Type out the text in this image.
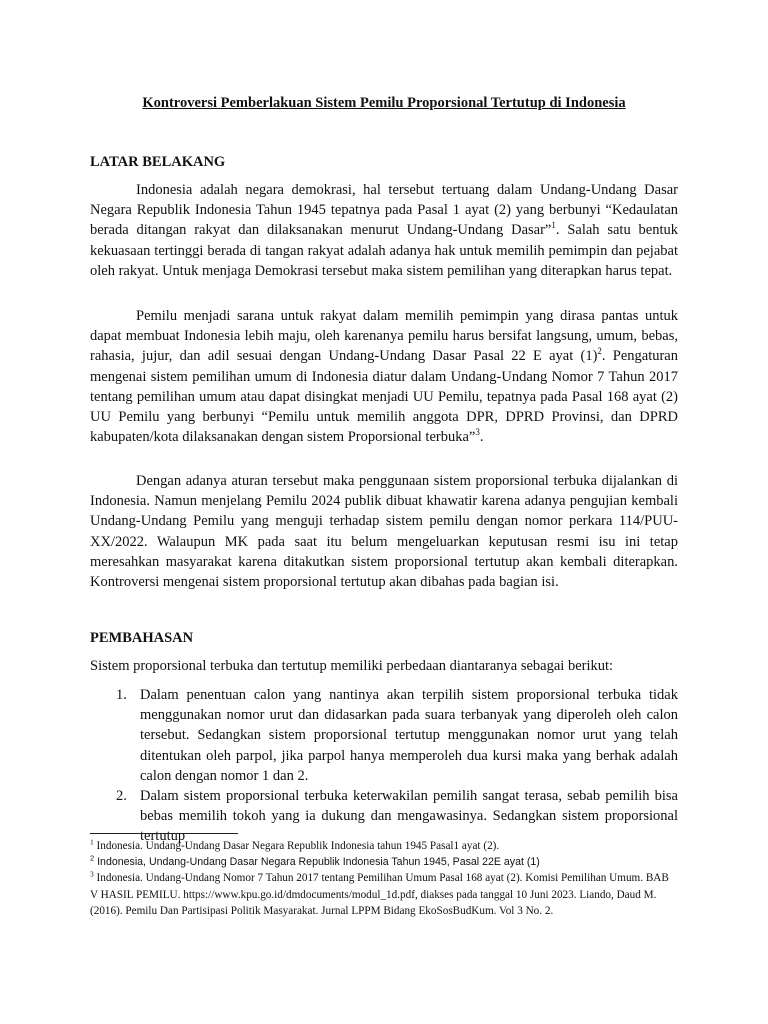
Kontroversi Pemberlakuan Sistem Pemilu Proporsional Tertutup di Indonesia
LATAR BELAKANG

Indonesia adalah negara demokrasi, hal tersebut tertuang dalam Undang-Undang Dasar Negara Republik Indonesia Tahun 1945 tepatnya pada Pasal 1 ayat (2) yang berbunyi “Kedaulatan berada ditangan rakyat dan dilaksanakan menurut Undang-Undang Dasar”$^1$. Salah satu bentuk kekuasaan tertinggi berada di tangan rakyat adalah adanya hak untuk memilih pemimpin dan pejabat oleh rakyat. Untuk menjaga Demokrasi tersebut maka sistem pemilihan yang diterapkan harus tepat.

Pemilu menjadi sarana untuk rakyat dalam memilih pemimpin yang dirasa pantas untuk dapat membuat Indonesia lebih maju, oleh karenanya pemilu harus bersifat langsung, umum, bebas, rahasia, jujur, dan adil sesuai dengan Undang-Undang Dasar Pasal 22 E ayat $(1)^2$. Pengaturan mengenai sistem pemilihan umum di Indonesia diatur dalam Undang-Undang Nomor 7 Tahun 2017 tentang pemilihan umum atau dapat disingkat menjadi UU Pemilu, tepatnya pada Pasal 168 ayat (2) UU Pemilu yang berbunyi “Pemilu untuk memilih anggota DPR, DPRD Provinsi, dan DPRD kabupaten/kota dilaksanakan dengan sistem Proporsional terbuka”$^3$.

Dengan adanya aturan tersebut maka penggunaan sistem proporsional terbuka dijalankan di Indonesia. Namun menjelang Pemilu 2024 publik dibuat khawatir karena adanya pengujian kembali Undang-Undang Pemilu yang menguji terhadap sistem pemilu dengan nomor perkara 114/PUU-XX/2022. Walaupun MK pada saat itu belum mengeluarkan keputusan resmi isu ini tetap meresahkan masyarakat karena ditakutkan sistem proporsional tertutup akan kembali diterapkan. Kontroversi mengenai sistem proporsional tertutup akan dibahas pada bagian isi.

PEMBAHASAN

Sistem proporsional terbuka dan tertutup memiliki perbedaan diantaranya sebagai berikut:

1. Dalam penentuan calon yang nantinya akan terpilih sistem proporsional terbuka tidak menggunakan nomor urut dan didasarkan pada suara terbanyak yang diperoleh oleh calon tersebut. Sedangkan sistem proporsional tertutup menggunakan nomor urut yang telah ditentukan oleh parpol, jika parpol hanya memperoleh dua kursi maka yang berhak adalah calon dengan nomor 1 dan 2.
2. Dalam sistem proporsional terbuka keterwakilan pemilih sangat terasa, sebab pemilih bisa bebas memilih tokoh yang ia dukung dan mengawasinya. Sedangkan sistem proporsional tertutup

$^1$ Indonesia. Undang-Undang Dasar Negara Republik Indonesia tahun 1945 Pasal1 ayat (2).

$^2$ Indonesia, Undang-Undang Dasar Negara Republik Indonesia Tahun 1945, Pasal 22E ayat (1)

$^3$ Indonesia. Undang-Undang Nomor 7 Tahun 2017 tentang Pemilihan Umum Pasal 168 ayat (2). Komisi Pemilihan Umum. BAB V HASIL PEMILU. https://www.kpu.go.id/dmdocuments/modul_1d.pdf, diakses pada tanggal 10 Juni 2023. Liando, Daud M. (2016). Pemilu Dan Partisipasi Politik Masyarakat. Jurnal LPPM Bidang EkoSosBudKum. Vol 3 No. 2.
